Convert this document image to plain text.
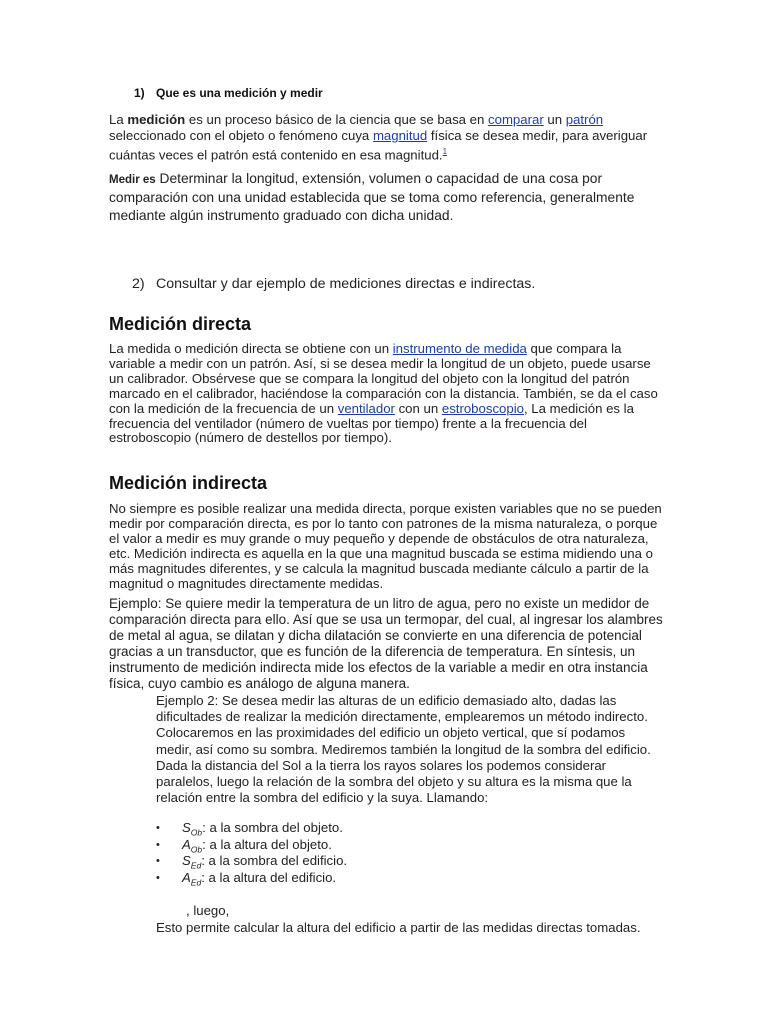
1) Que es una medición y medir
La medición es un proceso básico de la ciencia que se basa en comparar un patrón seleccionado con el objeto o fenómeno cuya magnitud física se desea medir, para averiguar cuántas veces el patrón está contenido en esa magnitud.$^1$
Medir es Determinar la longitud, extensión, volumen o capacidad de una cosa por comparación con una unidad establecida que se toma como referencia, generalmente mediante algún instrumento graduado con dicha unidad.
2) Consultar y dar ejemplo de mediciones directas e indirectas.
Medición directa
La medida o medición directa se obtiene con un instrumento de medida que compara la variable a medir con un patrón. Así, si se desea medir la longitud de un objeto, puede usarse un calibrador. Obsérvese que se compara la longitud del objeto con la longitud del patrón marcado en el calibrador, haciéndose la comparación con la distancia. También, se da el caso con la medición de la frecuencia de un ventilador con un estroboscopio, La medición es la frecuencia del ventilador (número de vueltas por tiempo) frente a la frecuencia del estroboscopio (número de destellos por tiempo).
Medición indirecta
No siempre es posible realizar una medida directa, porque existen variables que no se pueden medir por comparación directa, es por lo tanto con patrones de la misma naturaleza, o porque el valor a medir es muy grande o muy pequeño y depende de obstáculos de otra naturaleza, etc. Medición indirecta es aquella en la que una magnitud buscada se estima midiendo una o más magnitudes diferentes, y se calcula la magnitud buscada mediante cálculo a partir de la magnitud o magnitudes directamente medidas.
Ejemplo: Se quiere medir la temperatura de un litro de agua, pero no existe un medidor de comparación directa para ello. Así que se usa un termopar, del cual, al ingresar los alambres de metal al agua, se dilatan y dicha dilatación se convierte en una diferencia de potencial gracias a un transductor, que es función de la diferencia de temperatura. En síntesis, un instrumento de medición indirecta mide los efectos de la variable a medir en otra instancia física, cuyo cambio es análogo de alguna manera.
Ejemplo 2: Se desea medir las alturas de un edificio demasiado alto, dadas las dificultades de realizar la medición directamente, emplearemos un método indirecto. Colocaremos en las proximidades del edificio un objeto vertical, que sí podamos medir, así como su sombra. Mediremos también la longitud de la sombra del edificio. Dada la distancia del Sol a la tierra los rayos solares los podemos considerar paralelos, luego la relación de la sombra del objeto y su altura es la misma que la relación entre la sombra del edificio y la suya. Llamando:
• $S_{Ob}$: a la sombra del objeto.
• $A_{Ob}$: a la altura del objeto.
• $S_{Ed}$: a la sombra del edificio.
• $A_{Ed}$: a la altura del edificio.
, luego,
Esto permite calcular la altura del edificio a partir de las medidas directas tomadas.
